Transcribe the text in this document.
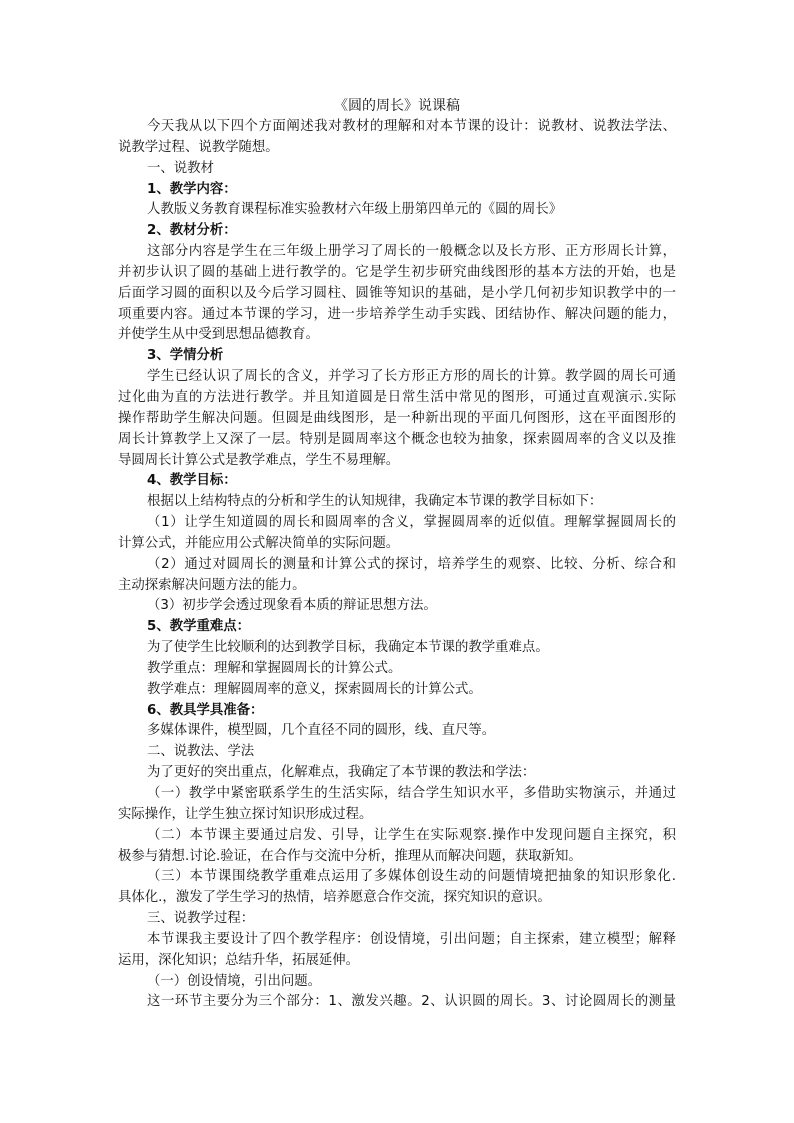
《圆的周长》说课稿
今天我从以下四个方面阐述我对教材的理解和对本节课的设计：说教材、说教法学法、
说教学过程、说教学随想。
一、说教材
1、教学内容：
人教版义务教育课程标准实验教材六年级上册第四单元的《圆的周长》
2、教材分析：
这部分内容是学生在三年级上册学习了周长的一般概念以及长方形、正方形周长计算，
并初步认识了圆的基础上进行教学的。它是学生初步研究曲线图形的基本方法的开始，也是
后面学习圆的面积以及今后学习圆柱、圆锥等知识的基础，是小学几何初步知识教学中的一
项重要内容。通过本节课的学习，进一步培养学生动手实践、团结协作、解决问题的能力，
并使学生从中受到思想品德教育。
3、学情分析
学生已经认识了周长的含义，并学习了长方形正方形的周长的计算。教学圆的周长可通
过化曲为直的方法进行教学。并且知道圆是日常生活中常见的图形，可通过直观演示.实际
操作帮助学生解决问题。但圆是曲线图形，是一种新出现的平面几何图形，这在平面图形的
周长计算教学上又深了一层。特别是圆周率这个概念也较为抽象，探索圆周率的含义以及推
导圆周长计算公式是教学难点，学生不易理解。
4、教学目标：
根据以上结构特点的分析和学生的认知规律，我确定本节课的教学目标如下：
（1）让学生知道圆的周长和圆周率的含义，掌握圆周率的近似值。理解掌握圆周长的
计算公式，并能应用公式解决简单的实际问题。
（2）通过对圆周长的测量和计算公式的探讨，培养学生的观察、比较、分析、综合和
主动探索解决问题方法的能力。
（3）初步学会透过现象看本质的辩证思想方法。
5、教学重难点：
为了使学生比较顺利的达到教学目标，我确定本节课的教学重难点。
教学重点：理解和掌握圆周长的计算公式。
教学难点：理解圆周率的意义，探索圆周长的计算公式。
6、教具学具准备：
多媒体课件，模型圆，几个直径不同的圆形，线、直尺等。
二、说教法、学法
为了更好的突出重点，化解难点，我确定了本节课的教法和学法：
（一）教学中紧密联系学生的生活实际，结合学生知识水平，多借助实物演示，并通过
实际操作，让学生独立探讨知识形成过程。
（二）本节课主要通过启发、引导，让学生在实际观察.操作中发现问题自主探究，积
极参与猜想.讨论.验证，在合作与交流中分析，推理从而解决问题，获取新知。
（三）本节课围绕教学重难点运用了多媒体创设生动的问题情境把抽象的知识形象化.
具体化.，激发了学生学习的热情，培养愿意合作交流，探究知识的意识。
三、说教学过程：
本节课我主要设计了四个教学程序：创设情境，引出问题；自主探索，建立模型；解释
运用，深化知识；总结升华，拓展延伸。
（一）创设情境，引出问题。
这一环节主要分为三个部分：1、激发兴趣。2、认识圆的周长。3、讨论圆周长的测量
